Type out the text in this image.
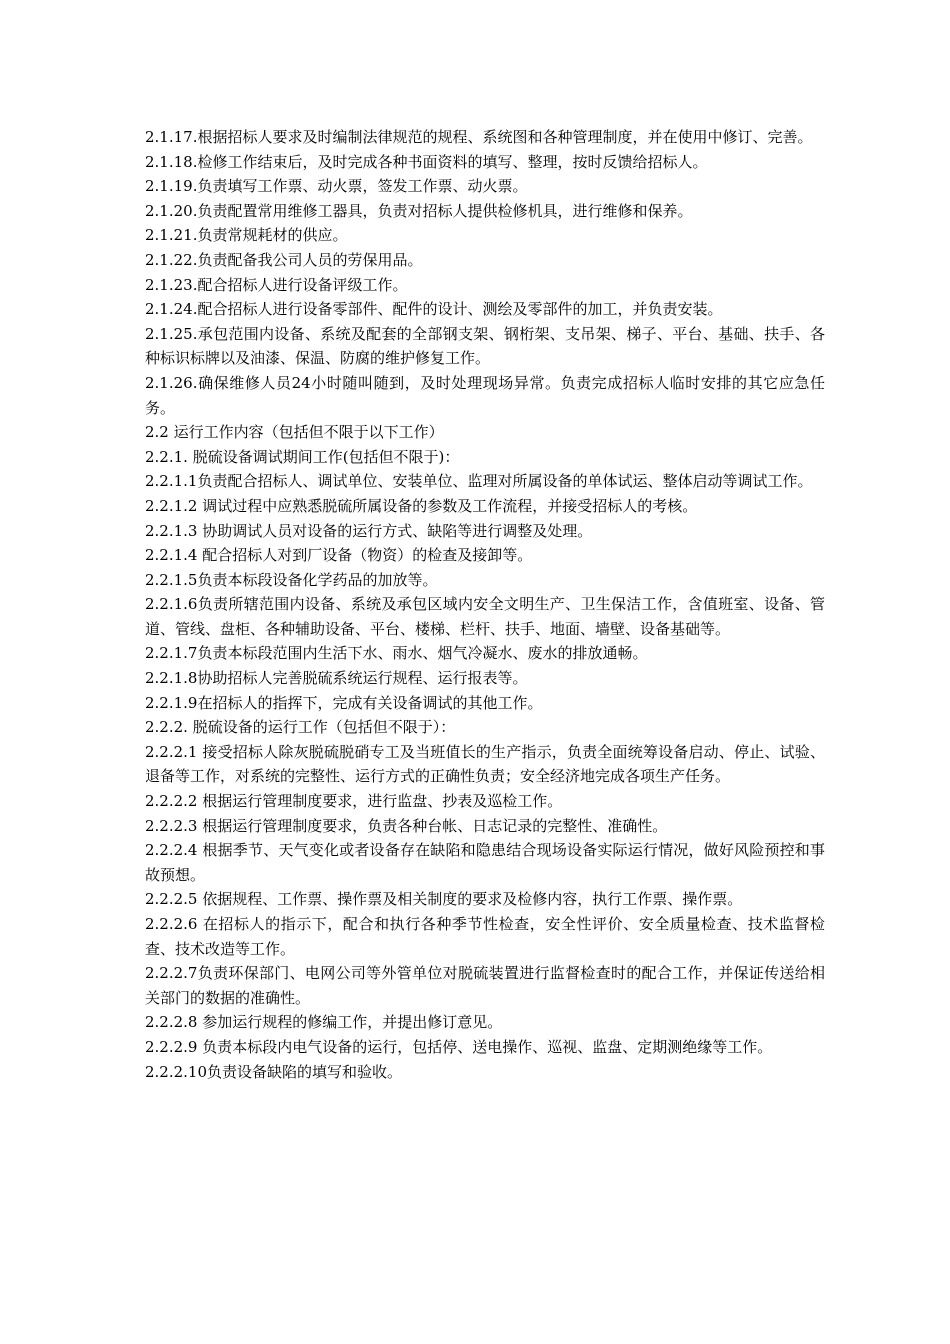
2.1.17.根据招标人要求及时编制法律规范的规程、系统图和各种管理制度，并在使用中修订、完善。

2.1.18.检修工作结束后，及时完成各种书面资料的填写、整理，按时反馈给招标人。

2.1.19.负责填写工作票、动火票，签发工作票、动火票。

2.1.20.负责配置常用维修工器具，负责对招标人提供检修机具，进行维修和保养。

2.1.21.负责常规耗材的供应。

2.1.22.负责配备我公司人员的劳保用品。

2.1.23.配合招标人进行设备评级工作。

2.1.24.配合招标人进行设备零部件、配件的设计、测绘及零部件的加工，并负责安装。

2.1.25.承包范围内设备、系统及配套的全部钢支架、钢桁架、支吊架、梯子、平台、基础、扶手、各种标识标牌以及油漆、保温、防腐的维护修复工作。

2.1.26.确保维修人员24小时随叫随到，及时处理现场异常。负责完成招标人临时安排的其它应急任务。

2.2 运行工作内容（包括但不限于以下工作）

2.2.1. 脱硫设备调试期间工作(包括但不限于)：

2.2.1.1负责配合招标人、调试单位、安装单位、监理对所属设备的单体试运、整体启动等调试工作。

2.2.1.2 调试过程中应熟悉脱硫所属设备的参数及工作流程，并接受招标人的考核。

2.2.1.3 协助调试人员对设备的运行方式、缺陷等进行调整及处理。

2.2.1.4 配合招标人对到厂设备（物资）的检查及接卸等。

2.2.1.5负责本标段设备化学药品的加放等。

2.2.1.6负责所辖范围内设备、系统及承包区域内安全文明生产、卫生保洁工作，含值班室、设备、管道、管线、盘柜、各种辅助设备、平台、楼梯、栏杆、扶手、地面、墙壁、设备基础等。

2.2.1.7负责本标段范围内生活下水、雨水、烟气冷凝水、废水的排放通畅。

2.2.1.8协助招标人完善脱硫系统运行规程、运行报表等。

2.2.1.9在招标人的指挥下，完成有关设备调试的其他工作。

2.2.2. 脱硫设备的运行工作（包括但不限于）：

2.2.2.1 接受招标人除灰脱硫脱硝专工及当班值长的生产指示，负责全面统筹设备启动、停止、试验、退备等工作，对系统的完整性、运行方式的正确性负责；安全经济地完成各项生产任务。

2.2.2.2 根据运行管理制度要求，进行监盘、抄表及巡检工作。

2.2.2.3 根据运行管理制度要求，负责各种台帐、日志记录的完整性、准确性。

2.2.2.4 根据季节、天气变化或者设备存在缺陷和隐患结合现场设备实际运行情况，做好风险预控和事故预想。

2.2.2.5 依据规程、工作票、操作票及相关制度的要求及检修内容，执行工作票、操作票。

2.2.2.6 在招标人的指示下，配合和执行各种季节性检查，安全性评价、安全质量检查、技术监督检查、技术改造等工作。

2.2.2.7负责环保部门、电网公司等外管单位对脱硫装置进行监督检查时的配合工作，并保证传送给相关部门的数据的准确性。

2.2.2.8 参加运行规程的修编工作，并提出修订意见。

2.2.2.9 负责本标段内电气设备的运行，包括停、送电操作、巡视、监盘、定期测绝缘等工作。

2.2.2.10负责设备缺陷的填写和验收。
